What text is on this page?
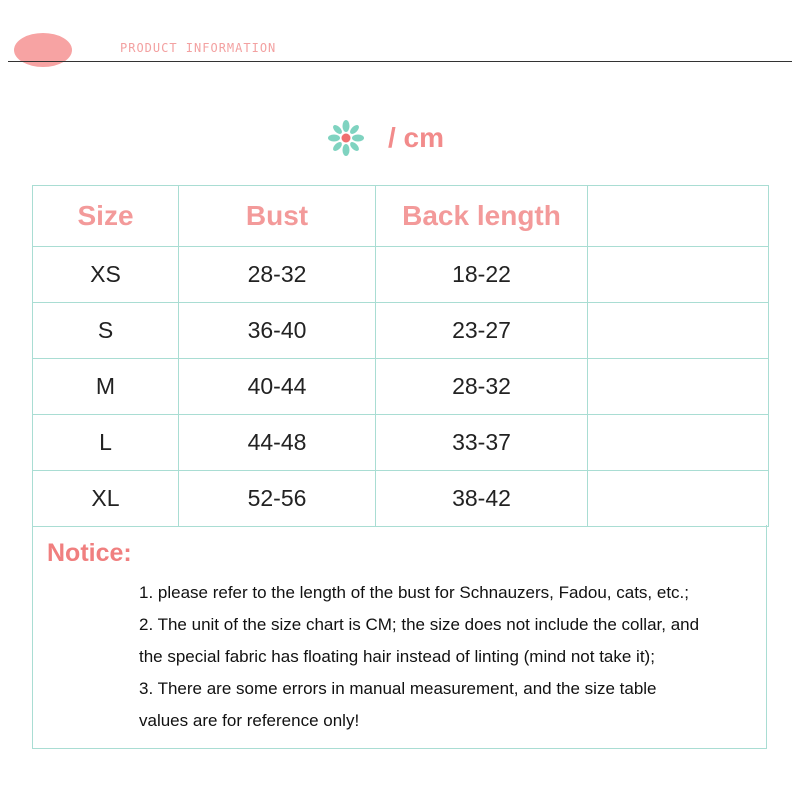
PRODUCT INFORMATION
/ cm
Size	Bust	Back length	
XS	28-32	18-22	
S	36-40	23-27	
M	40-44	28-32	
L	44-48	33-37	
XL	52-56	38-42	
Notice:
1. please refer to the length of the bust for Schnauzers, Fadou, cats, etc.;
2. The unit of the size chart is CM; the size does not include the collar, and
the special fabric has floating hair instead of linting (mind not take it);
3. There are some errors in manual measurement, and the size table
values are for reference only!
